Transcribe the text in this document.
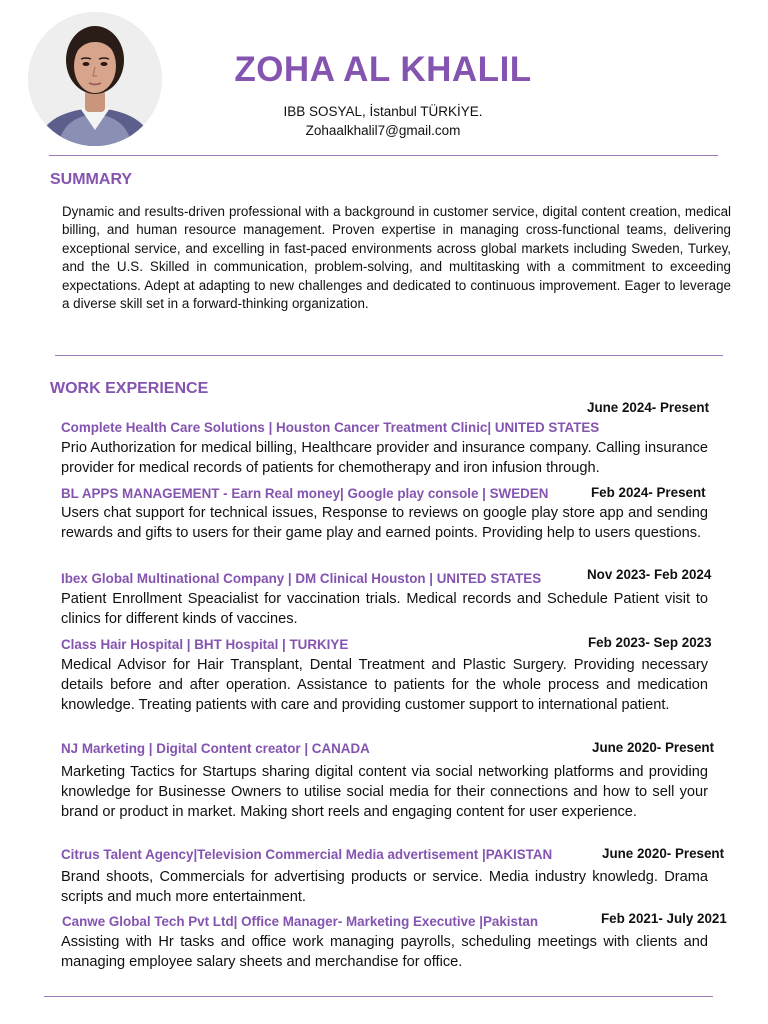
ZOHA AL KHALIL
IBB SOSYAL, İstanbul TÜRKİYE.
Zohaalkhalil7@gmail.com
SUMMARY
Dynamic and results-driven professional with a background in customer service, digital content creation, medical billing, and human resource management. Proven expertise in managing cross-functional teams, delivering exceptional service, and excelling in fast-paced environments across global markets including Sweden, Turkey, and the U.S. Skilled in communication, problem-solving, and multitasking with a commitment to exceeding expectations. Adept at adapting to new challenges and dedicated to continuous improvement. Eager to leverage a diverse skill set in a forward-thinking organization.
WORK EXPERIENCE
June 2024- Present
Complete Health Care Solutions | Houston Cancer Treatment Clinic| UNITED STATES
Prio Authorization for medical billing, Healthcare provider and insurance company. Calling insurance provider for medical records of patients for chemotherapy and iron infusion through.
BL APPS MANAGEMENT - Earn Real money| Google play console | SWEDEN	Feb 2024- Present
Users chat support for technical issues, Response to reviews on google play store app and sending rewards and gifts to users for their game play and earned points. Providing help to users questions.
Ibex Global Multinational Company | DM Clinical Houston | UNITED STATES	Nov 2023- Feb 2024
Patient Enrollment Speacialist for vaccination trials. Medical records and Schedule Patient visit to clinics for different kinds of vaccines.
Class Hair Hospital | BHT Hospital | TURKIYE	Feb 2023- Sep 2023
Medical Advisor for Hair Transplant, Dental Treatment and Plastic Surgery. Providing necessary details before and after operation. Assistance to patients for the whole process and medication knowledge. Treating patients with care and providing customer support to international patient.
NJ Marketing | Digital Content creator | CANADA	June 2020- Present
Marketing Tactics for Startups sharing digital content via social networking platforms and providing knowledge for Businesse Owners to utilise social media for their connections and how to sell your brand or product in market. Making short reels and engaging content for user experience.
Citrus Talent Agency|Television Commercial Media advertisement |PAKISTAN	June 2020- Present
Brand shoots, Commercials for advertising products or service. Media industry knowledg. Drama scripts and much more entertainment.
Canwe Global Tech Pvt Ltd| Office Manager- Marketing Executive |Pakistan	Feb 2021- July 2021
Assisting with Hr tasks and office work managing payrolls, scheduling meetings with clients and managing employee salary sheets and merchandise for office.
